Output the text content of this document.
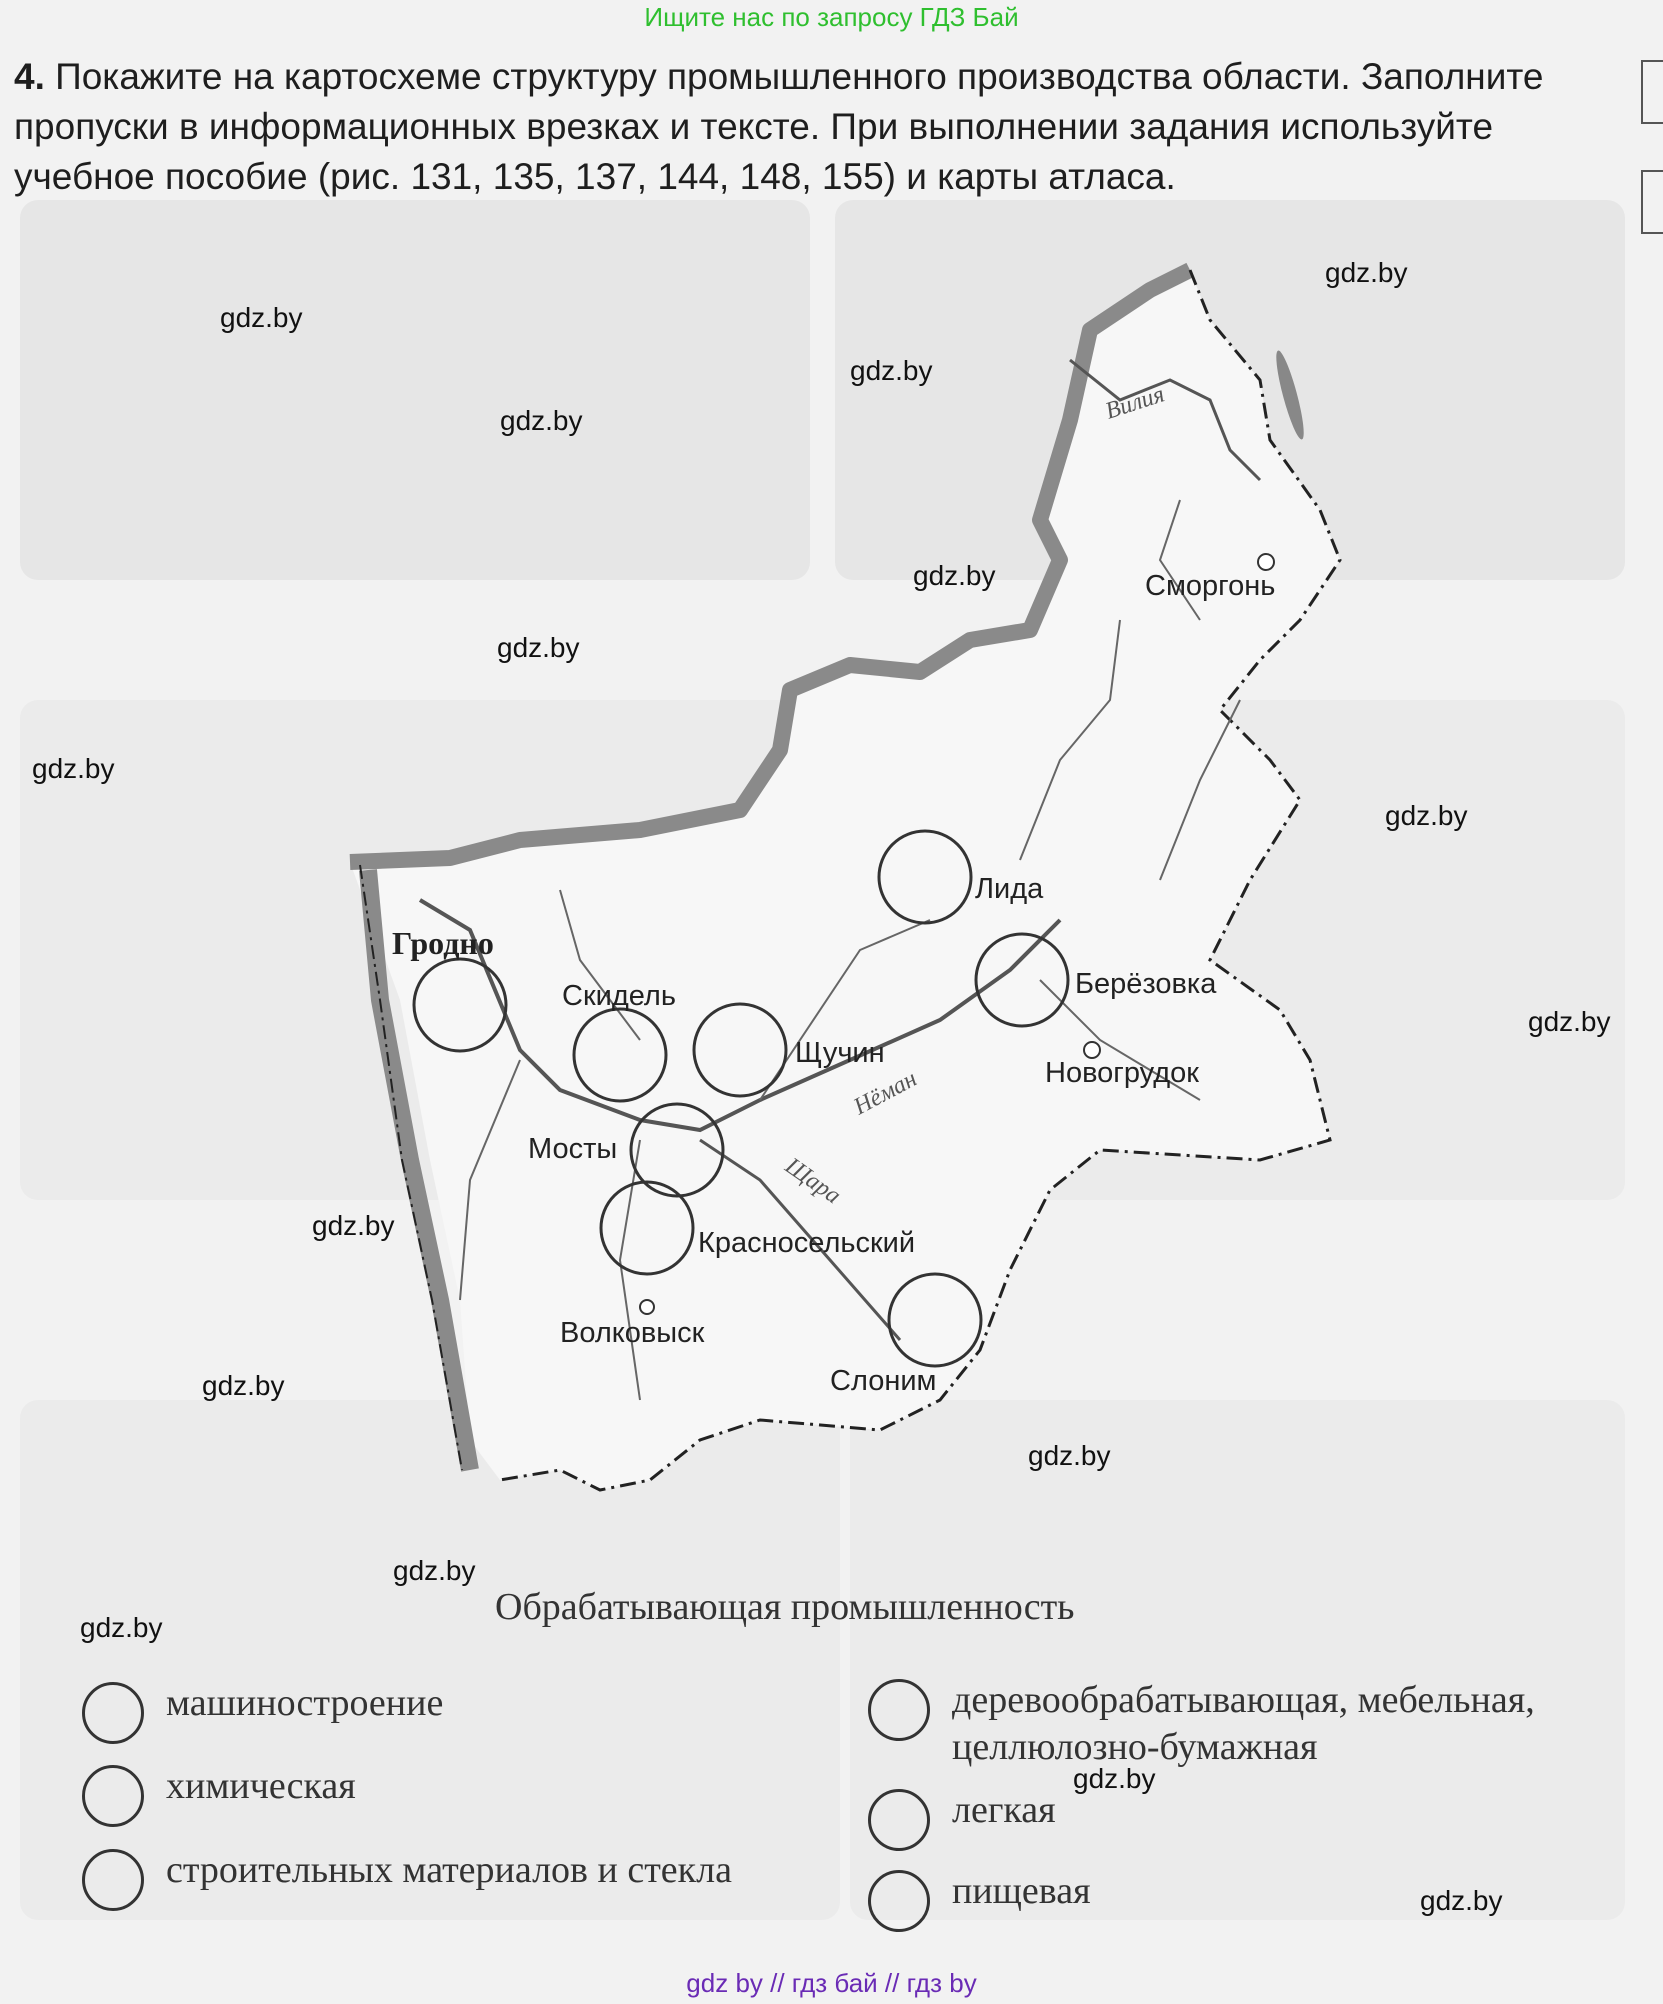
Ищите нас по запросу ГДЗ Бай
4. Покажите на картосхеме структуру промышленного производства области. Заполните пропуски в информационных врезках и тексте. При выполнении задания используйте учебное пособие (рис. 131, 135, 137, 144, 148, 155) и карты атласа.
Гродно
Сморгонь
Лида
Берёзовка
Скидель
Щучин
Новогрудок
Мосты
Красносельский
Волковыск
Слоним
Вилия
Нёман
Щара
gdz.by
gdz.by
gdz.by
gdz.by
gdz.by
gdz.by
gdz.by
gdz.by
gdz.by
gdz.by
gdz.by
gdz.by
gdz.by
gdz.by
gdz.by
gdz.by
Обрабатывающая промышленность
машиностроение
химическая
строительных материалов и стекла
деревообрабатывающая, мебельная,
целлюлозно-бумажная
легкая
пищевая
gdz by // гдз бай // гдз by
